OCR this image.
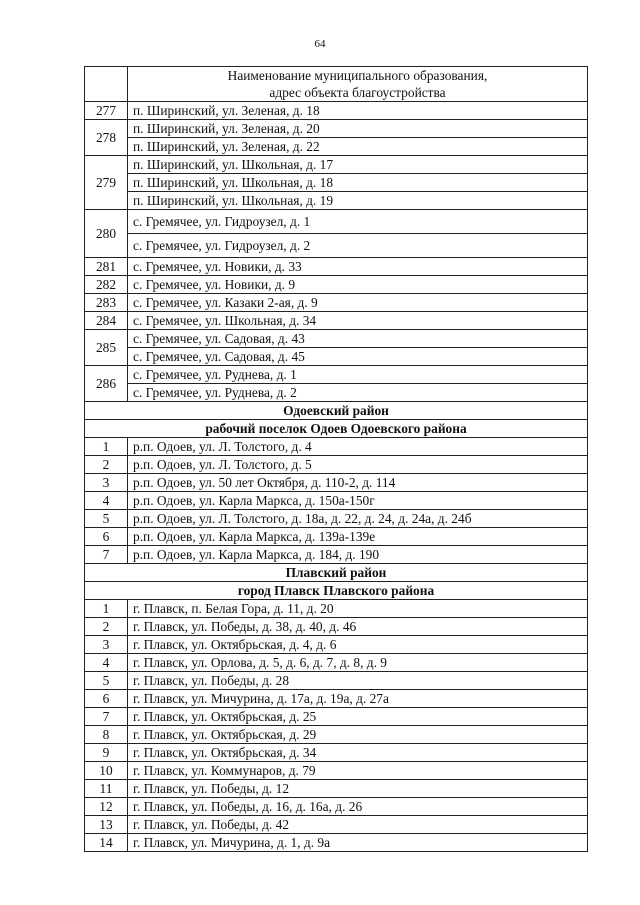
64

	Наименование муниципального образования,
адрес объекта благоустройства

277	п. Ширинский, ул. Зеленая, д. 18
278	п. Ширинский, ул. Зеленая, д. 20
	п. Ширинский, ул. Зеленая, д. 22
279	п. Ширинский, ул. Школьная, д. 17
	п. Ширинский, ул. Школьная, д. 18
	п. Ширинский, ул. Школьная, д. 19
280	с. Гремячее, ул. Гидроузел, д. 1
	с. Гремячее, ул. Гидроузел, д. 2
281	с. Гремячее, ул. Новики, д. 33
282	с. Гремячее, ул. Новики, д. 9
283	с. Гремячее, ул. Казаки 2-ая, д. 9
284	с. Гремячее, ул. Школьная, д. 34
285	с. Гремячее, ул. Садовая, д. 43
	с. Гремячее, ул. Садовая, д. 45
286	с. Гремячее, ул. Руднева, д. 1
	с. Гремячее, ул. Руднева, д. 2
Одоевский район	
рабочий поселок Одоев Одоевского района	
1	р.п. Одоев, ул. Л. Толстого, д. 4
2	р.п. Одоев, ул. Л. Толстого, д. 5
3	р.п. Одоев, ул. 50 лет Октября, д. 110-2, д. 114
4	р.п. Одоев, ул. Карла Маркса, д. 150а-150г
5	р.п. Одоев, ул. Л. Толстого, д. 18а, д. 22, д. 24, д. 24а, д. 24б
6	р.п. Одоев, ул. Карла Маркса, д. 139а-139е
7	р.п. Одоев, ул. Карла Маркса, д. 184, д. 190
Плавский район	
город Плавск Плавского района	
1	г. Плавск, п. Белая Гора, д. 11, д. 20
2	г. Плавск, ул. Победы, д. 38, д. 40, д. 46
3	г. Плавск, ул. Октябрьская, д. 4, д. 6
4	г. Плавск, ул. Орлова, д. 5, д. 6, д. 7, д. 8, д. 9
5	г. Плавск, ул. Победы, д. 28
6	г. Плавск, ул. Мичурина, д. 17а, д. 19а, д. 27а
7	г. Плавск, ул. Октябрьская, д. 25
8	г. Плавск, ул. Октябрьская, д. 29
9	г. Плавск, ул. Октябрьская, д. 34
10	г. Плавск, ул. Коммунаров, д. 79
11	г. Плавск, ул. Победы, д. 12
12	г. Плавск, ул. Победы, д. 16, д. 16а, д. 26
13	г. Плавск, ул. Победы, д. 42
14	г. Плавск, ул. Мичурина, д. 1, д. 9а
